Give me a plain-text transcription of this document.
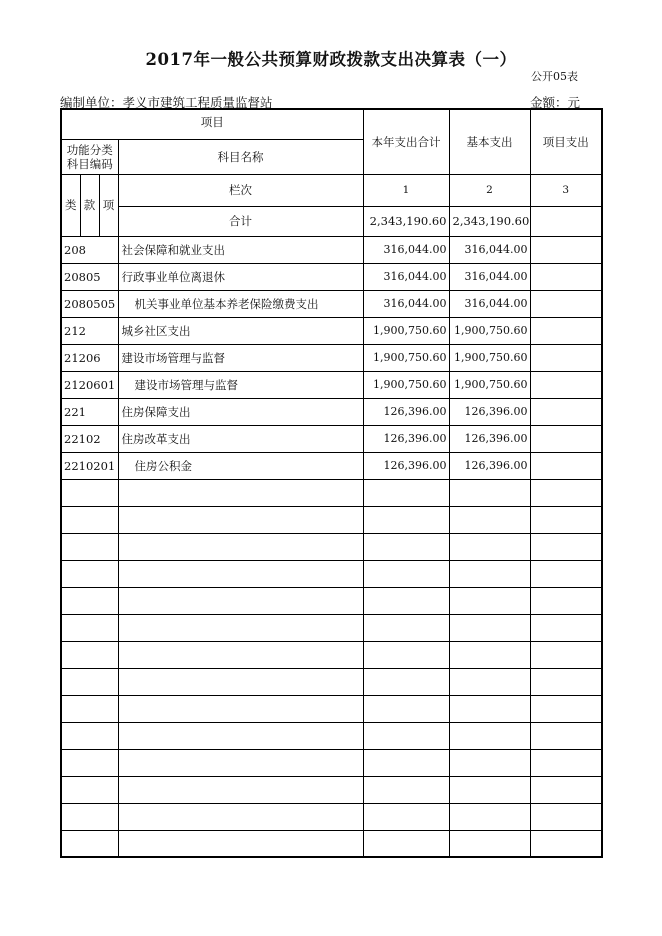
2017年一般公共预算财政拨款支出决算表（一）
公开05表
编制单位：孝义市建筑工程质量监督站	金额：元
项目				本年支出合计	基本支出	项目支出

功能分类
科目编码			科目名称			
类	款	项	栏次	1	2	3
			合计	2,343,190.60	2,343,190.60	
208			社会保障和就业支出	316,044.00	316,044.00	
20805			行政事业单位离退休	316,044.00	316,044.00	
2080505			机关事业单位基本养老保险缴费支出	316,044.00	316,044.00	
212			城乡社区支出	1,900,750.60	1,900,750.60	
21206			建设市场管理与监督	1,900,750.60	1,900,750.60	
2120601			建设市场管理与监督	1,900,750.60	1,900,750.60	
221			住房保障支出	126,396.00	126,396.00	
22102			住房改革支出	126,396.00	126,396.00	
2210201			住房公积金	126,396.00	126,396.00	
